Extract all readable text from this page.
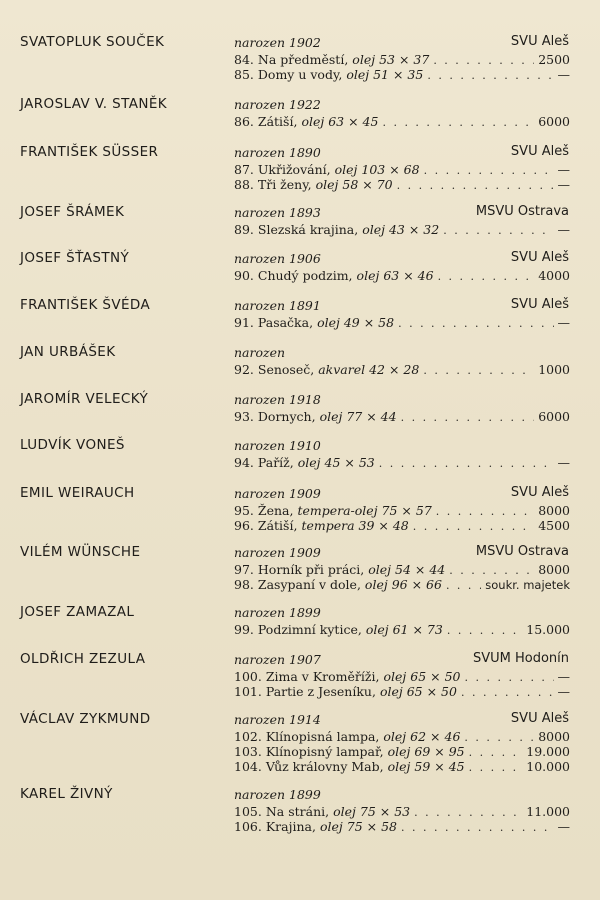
SVATOPLUK SOUČEK	narozen 1902	SVU Aleš
84. Na předměstí, olej 53 × 37 . . .	2500
85. Domy u vody, olej 51 × 35 . . .	—
JAROSLAV V. STANĚK	narozen 1922
86. Zátiší, olej 63 × 45 . . .	6000
FRANTIŠEK SÜSSER	narozen 1890	SVU Aleš
87. Ukřižování, olej 103 × 68 . . .	—
88. Tři ženy, olej 58 × 70 . . .	—
JOSEF ŠRÁMEK	narozen 1893	MSVU Ostrava
89. Slezská krajina, olej 43 × 32 . . .	—
JOSEF ŠŤASTNÝ	narozen 1906	SVU Aleš
90. Chudý podzim, olej 63 × 46 . . .	4000
FRANTIŠEK ŠVÉDA	narozen 1891	SVU Aleš
91. Pasačka, olej 49 × 58 . . .	—
JAN URBÁŠEK	narozen
92. Senoseč, akvarel 42 × 28 . . .	1000
JAROMÍR VELECKÝ	narozen 1918
93. Dornych, olej 77 × 44 . . .	6000
LUDVÍK VONEŠ	narozen 1910
94. Paříž, olej 45 × 53 . . .	—
EMIL WEIRAUCH	narozen 1909	SVU Aleš
95. Žena, tempera-olej 75 × 57 . . .	8000
96. Zátiší, tempera 39 × 48 . . .	4500
VILÉM WÜNSCHE	narozen 1909	MSVU Ostrava
97. Horník při práci, olej 54 × 44 . . .	8000
98. Zasypaní v dole, olej 96 × 66 . . .	soukr. majetek
JOSEF ZAMAZAL	narozen 1899
99. Podzimní kytice, olej 61 × 73 . . .	15.000
OLDŘICH ZEZULA	narozen 1907	SVUM Hodonín
100. Zima v Kroměříži, olej 65 × 50 . . .	—
101. Partie z Jeseníku, olej 65 × 50 . . .	—
VÁCLAV ZYKMUND	narozen 1914	SVU Aleš
102. Klínopisná lampa, olej 62 × 46 . . .	8000
103. Klínopisný lampař, olej 69 × 95 . . .	19.000
104. Vůz královny Mab, olej 59 × 45 . . .	10.000
KAREL ŽIVNÝ	narozen 1899
105. Na stráni, olej 75 × 53 . . .	11.000
106. Krajina, olej 75 × 58 . . .	—
